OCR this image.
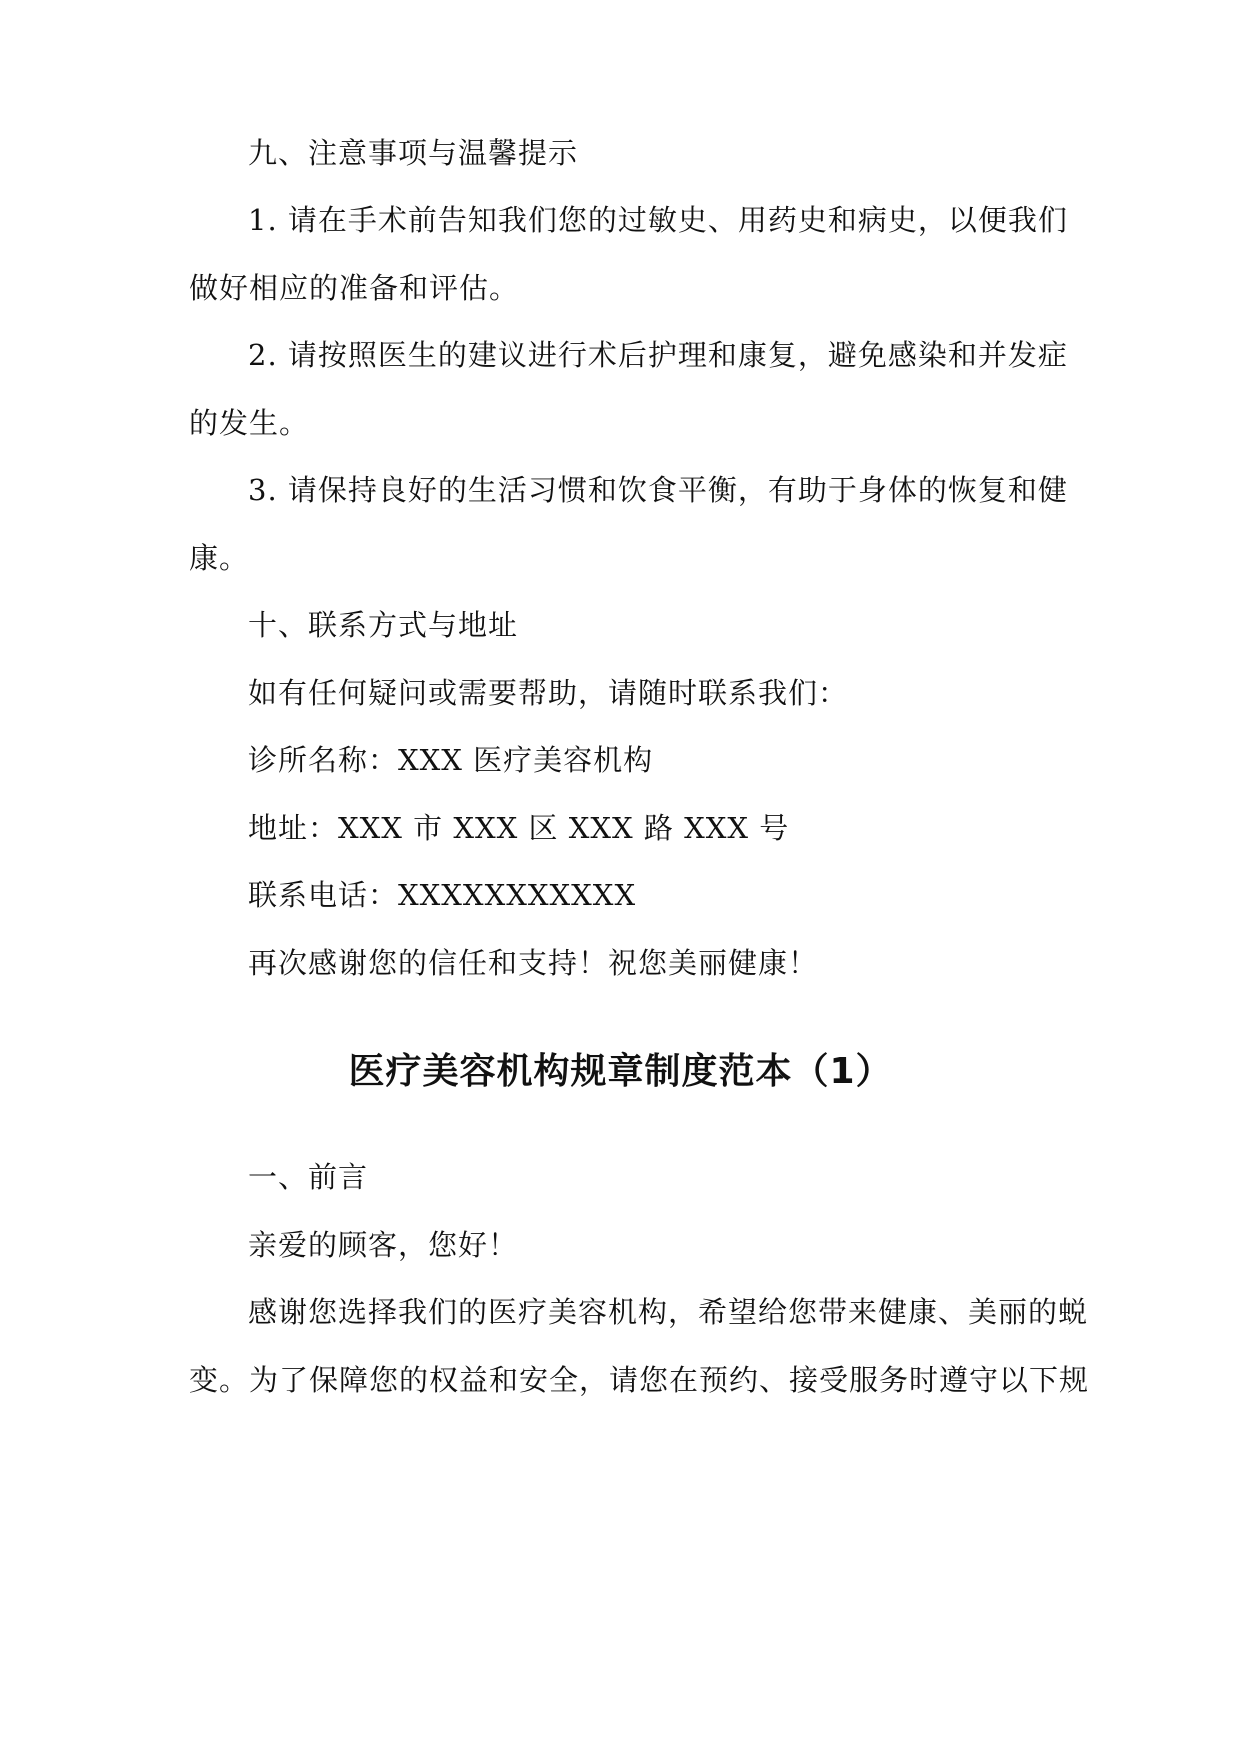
九、注意事项与温馨提示
1. 请在手术前告知我们您的过敏史、用药史和病史，以便我们
做好相应的准备和评估。
2. 请按照医生的建议进行术后护理和康复，避免感染和并发症
的发生。
3. 请保持良好的生活习惯和饮食平衡，有助于身体的恢复和健
康。
十、联系方式与地址
如有任何疑问或需要帮助，请随时联系我们：
诊所名称：XXX 医疗美容机构
地址：XXX 市 XXX 区 XXX 路 XXX 号
联系电话：XXXXXXXXXXX
再次感谢您的信任和支持！祝您美丽健康！
医疗美容机构规章制度范本（1）
一、前言
亲爱的顾客，您好！
感谢您选择我们的医疗美容机构，希望给您带来健康、美丽的蜕
变。为了保障您的权益和安全，请您在预约、接受服务时遵守以下规
